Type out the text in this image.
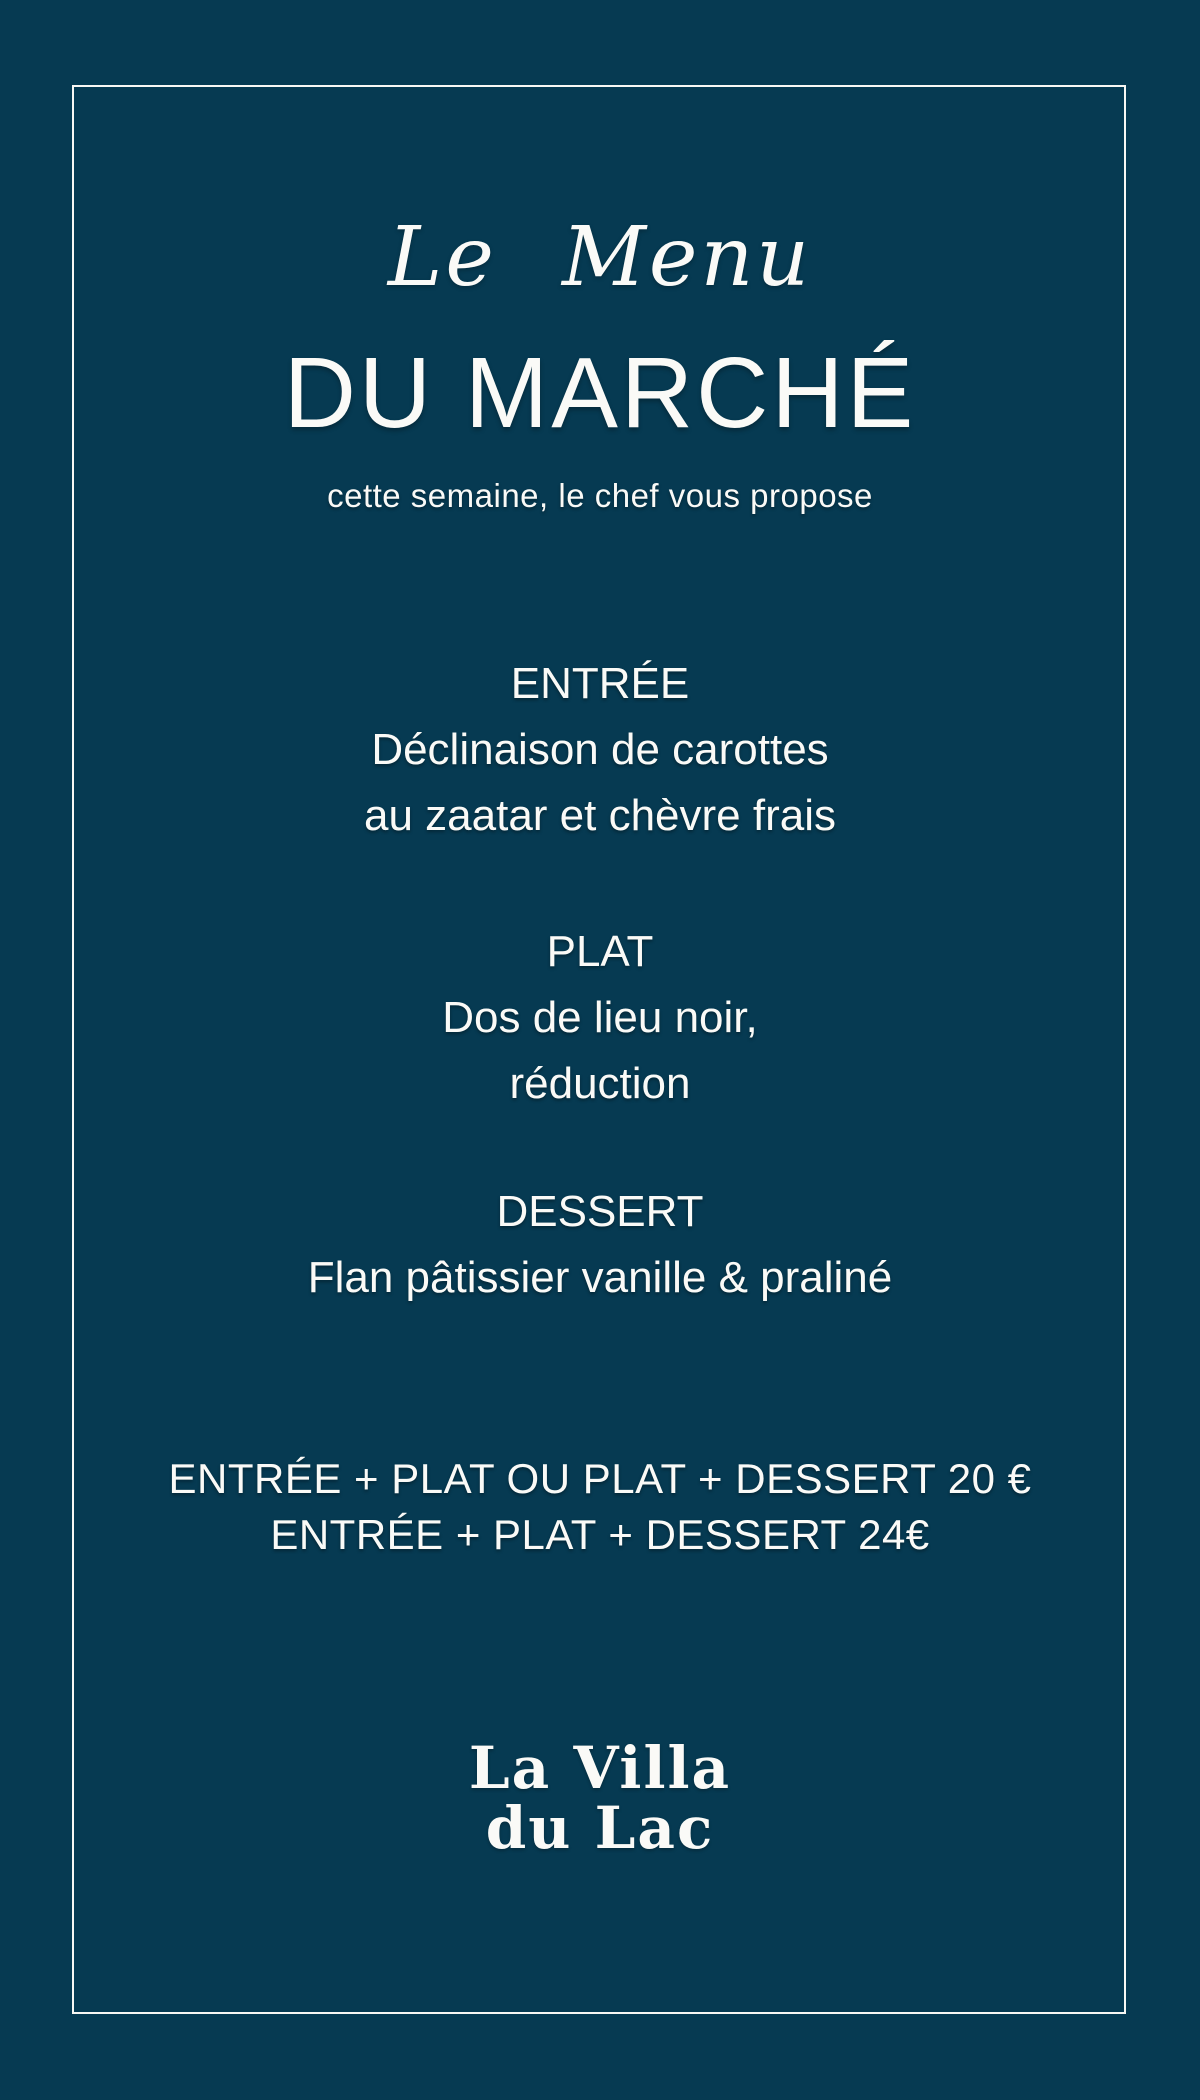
Le Menu
DU MARCHÉ
cette semaine, le chef vous propose
ENTRÉE
Déclinaison de carottes
au zaatar et chèvre frais
PLAT
Dos de lieu noir,
réduction
DESSERT
Flan pâtissier vanille & praliné
ENTRÉE + PLAT OU PLAT + DESSERT 20 €
ENTRÉE + PLAT + DESSERT 24€
La Villa
du Lac
